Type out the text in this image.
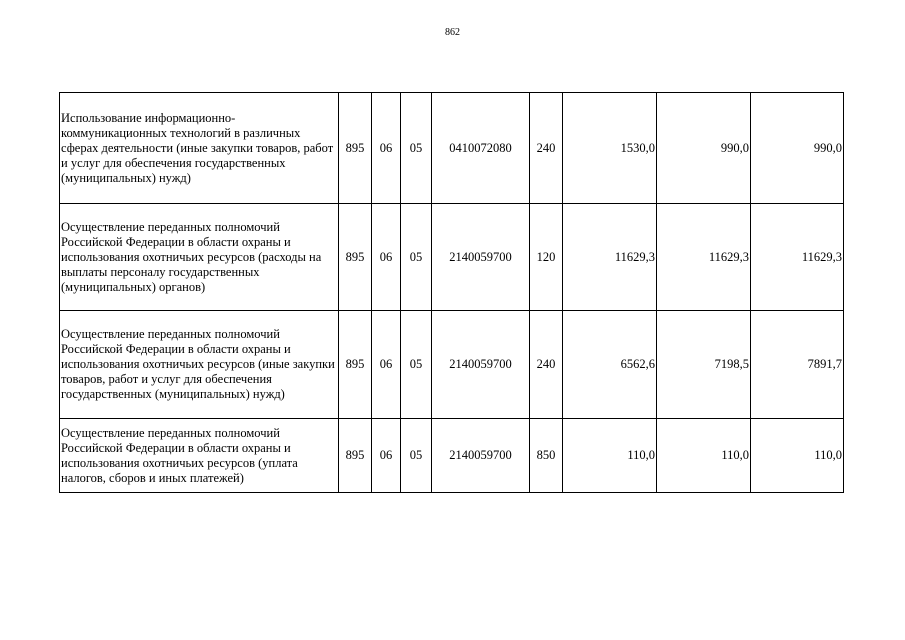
862
Использование информационно-коммуникационных технологий в различных сферах деятельности (иные закупки товаров, работ и услуг для обеспечения государственных (муниципальных) нужд)	895	06	05	0410072080	240	1530,0	990,0	990,0
Осуществление переданных полномочий Российской Федерации в области охраны и использования охотничьих ресурсов (расходы на выплаты персоналу государственных (муниципальных) органов)	895	06	05	2140059700	120	11629,3	11629,3	11629,3
Осуществление переданных полномочий Российской Федерации в области охраны и использования охотничьих ресурсов (иные закупки товаров, работ и услуг для обеспечения государственных (муниципальных) нужд)	895	06	05	2140059700	240	6562,6	7198,5	7891,7
Осуществление переданных полномочий Российской Федерации в области охраны и использования охотничьих ресурсов (уплата налогов, сборов и иных платежей)	895	06	05	2140059700	850	110,0	110,0	110,0
